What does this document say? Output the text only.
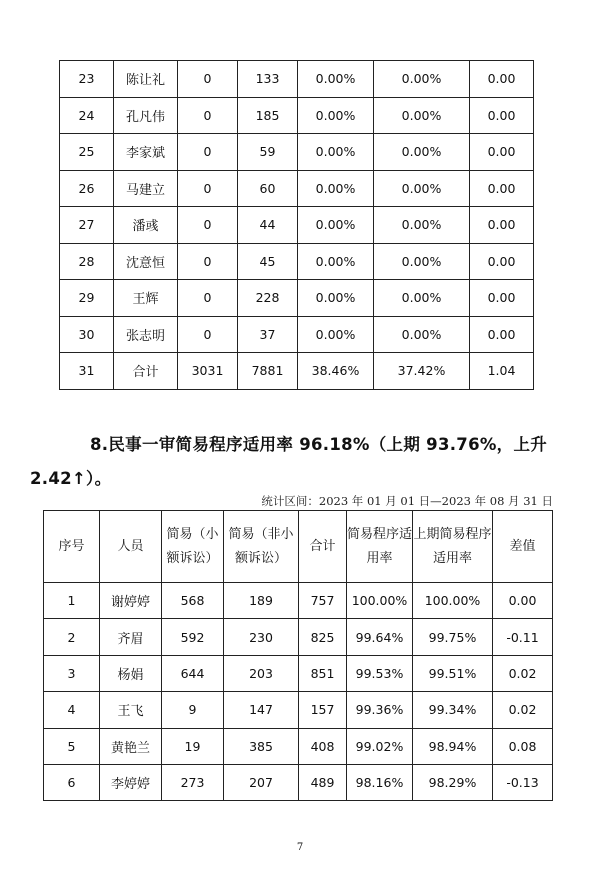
23	陈让礼	0	133	0.00%	0.00%	0.00
24	孔凡伟	0	185	0.00%	0.00%	0.00
25	李家斌	0	59	0.00%	0.00%	0.00
26	马建立	0	60	0.00%	0.00%	0.00
27	潘彧	0	44	0.00%	0.00%	0.00
28	沈意恒	0	45	0.00%	0.00%	0.00
29	王辉	0	228	0.00%	0.00%	0.00
30	张志明	0	37	0.00%	0.00%	0.00
31	合计	3031	7881	38.46%	37.42%	1.04
8.民事一审简易程序适用率 96.18%（上期 93.76%，上升
2.42↑）。
统计区间：2023 年 01 月 01 日—2023 年 08 月 31 日
序号	人员	简易（小额诉讼）	简易（非小额诉讼）	合计	简易程序适用率	上期简易程序适用率	差值
1	谢婷婷	568	189	757	100.00%	100.00%	0.00
2	齐眉	592	230	825	99.64%	99.75%	-0.11
3	杨娟	644	203	851	99.53%	99.51%	0.02
4	王飞	9	147	157	99.36%	99.34%	0.02
5	黄艳兰	19	385	408	99.02%	98.94%	0.08
6	李婷婷	273	207	489	98.16%	98.29%	-0.13
7
